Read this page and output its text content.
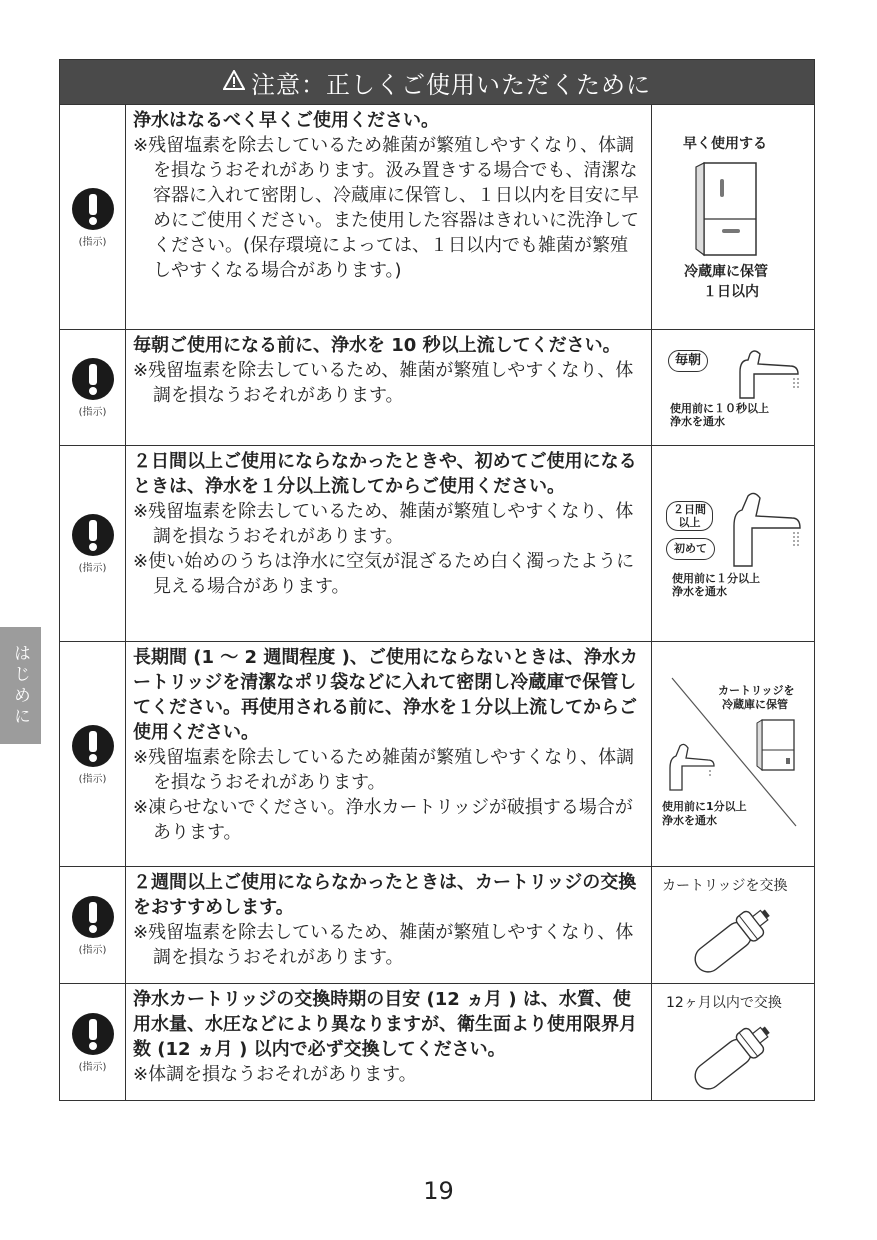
はじめに
注意：正しくご使用いただくために
(指示)
浄水はなるべく早くご使用ください。
※残留塩素を除去しているため雑菌が繁殖しやすくなり、体調を損なうおそれがあります。汲み置きする場合でも、清潔な容器に入れて密閉し、冷蔵庫に保管し、１日以内を目安に早めにご使用ください。また使用した容器はきれいに洗浄してください。(保存環境によっては、１日以内でも雑菌が繁殖しやすくなる場合があります。)
早く使用する
冷蔵庫に保管
１日以内
(指示)
毎朝ご使用になる前に、浄水を 10 秒以上流してください。
※残留塩素を除去しているため、雑菌が繁殖しやすくなり、体調を損なうおそれがあります。
毎朝
使用前に１０秒以上
浄水を通水
(指示)
２日間以上ご使用にならなかったときや、初めてご使用になるときは、浄水を１分以上流してからご使用ください。
※残留塩素を除去しているため、雑菌が繁殖しやすくなり、体調を損なうおそれがあります。
※使い始めのうちは浄水に空気が混ざるため白く濁ったように見える場合があります。
２日間
以上
初めて
使用前に１分以上
浄水を通水
(指示)
長期間 (1 〜 2 週間程度 )、ご使用にならないときは、浄水カートリッジを清潔なポリ袋などに入れて密閉し冷蔵庫で保管してください。再使用される前に、浄水を１分以上流してからご使用ください。
※残留塩素を除去しているため雑菌が繁殖しやすくなり、体調を損なうおそれがあります。
※凍らせないでください。浄水カートリッジが破損する場合があります。
カートリッジを
冷蔵庫に保管
使用前に1分以上
浄水を通水
(指示)
２週間以上ご使用にならなかったときは、カートリッジの交換をおすすめします。
※残留塩素を除去しているため、雑菌が繁殖しやすくなり、体調を損なうおそれがあります。
カートリッジを交換
(指示)
浄水カートリッジの交換時期の目安 (12 ヵ月 ) は、水質、使用水量、水圧などにより異なりますが、衛生面より使用限界月数 (12 ヵ月 ) 以内で必ず交換してください。
※体調を損なうおそれがあります。
12ヶ月以内で交換
19
